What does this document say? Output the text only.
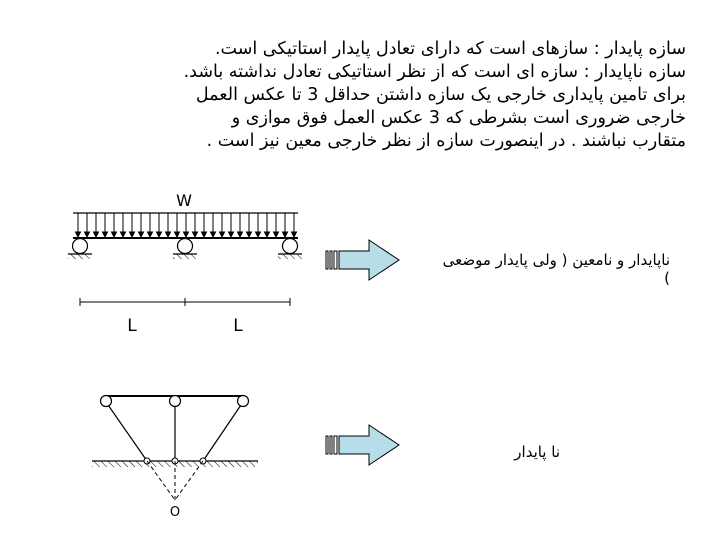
سازه پایدار : سازهای است که دارای تعادل پایدار استاتیکی است.
سازه ناپایدار : سازه ای است که از نظر استاتیکی تعادل نداشته باشد.
برای تامین پایداری خارجی یک سازه داشتن حداقل 3 تا عکس العمل
خارجی ضروری است بشرطی که 3 عکس العمل فوق موازی و
متقارب نباشند . در اینصورت سازه از نظر خارجی معین نیز است .
W
L	L
O
ناپایدار و نامعین ( ولی پایدار موضعی )
نا پایدار
